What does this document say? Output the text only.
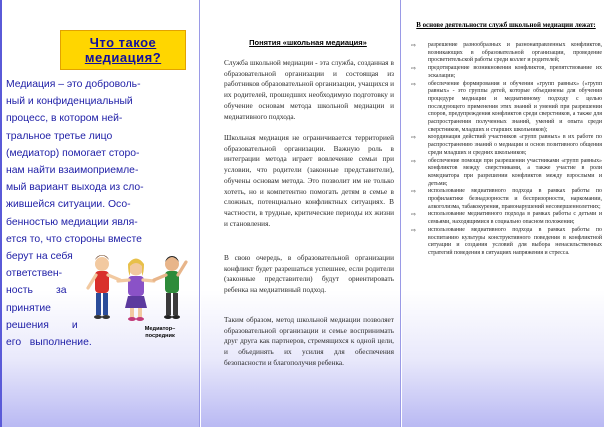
Что такое
медиация?
Медиация – это доброволь-
ный и конфиденциальный
процесс, в котором ней-
тральное третье лицо
(медиатор) помогает сторо-
нам найти взаимоприемле-
мый вариант выхода из сло-
жившейся ситуации. Осо-
бенностью медиации явля-
ется то, что стороны вместе
берут на себя
ответствен-
ность        за
принятие
решения        и
его   выполнение.
Медиатор–
посредник

Понятия «школьная медиация»

Служба школьной медиации - эта служба, созданная в образовательной организации и состоящая из работников образовательной организации, учащихся и их родителей, прошедших необходимую подготовку и обучение основам метода школьной медиации и медиативного подхода.

Школьная медиация не ограничивается территорией образовательной организации. Важную роль в интеграции метода играет вовлечение семьи при условии, что родители (законные представители), обучены основам метода. Это позволит им не только хотеть, но и компетентно помогать детям в семье в сложных, потенциально конфликтных ситуациях. В частности, в трудные, критические периоды их жизни и становления.

В свою очередь, в образовательной организации конфликт будет разрешаться успешнее, если родители (законные представители) будут ориентировать ребенка на медиативный подход.

Таким образом, метод школьной медиации позволяет образовательной организации и семье воспринимать друг друга как партнеров, стремящихся к одной цели, и объединять их усилия для обеспечения безопасности и благополучия ребенка.

В основе деятельности служб школьной медиации лежат:

⇨ разрешение разнообразных и разнонаправленных конфликтов, возникающих в образовательной организации, проведение просветительской работы среди коллег и родителей;
⇨ предотвращение возникновения конфликтов, препятствование их эскалации;
⇨ обеспечение формирования и обучения «групп равных» («групп равных» - это группы детей, которые объединены для обучения процедуре медиации и медиативному подходу с целью последующего применения этих знаний и умений при разрешении споров, предупреждения конфликтов среди сверстников, а также для распространения полученных знаний, умений и опыта среди сверстников, младших и старших школьников);
⇨ координация действий участников «групп равных» в их работе по распространению знаний о медиации и основ позитивного общения среди младших и средних школьников;
⇨ обеспечение помощи при разрешении участниками «групп равных» конфликтов между сверстниками, а также участие в роли комедиатора при разрешении конфликтов между взрослыми и детьми;
⇨ использование медиативного подхода в рамках работы по профилактике безнадзорности и беспризорности, наркомании, алкоголизма, табакокурения, правонарушений несовершеннолетних;
⇨ использование медиативного подхода в рамках работы с детьми и семьями, находящимися в социально опасном положении;
⇨ использование медиативного подхода в рамках работы по воспитанию культуры конструктивного поведения в конфликтной ситуации и создания условий для выбора ненасильственных стратегий поведения в ситуациях напряжения и стресса.
